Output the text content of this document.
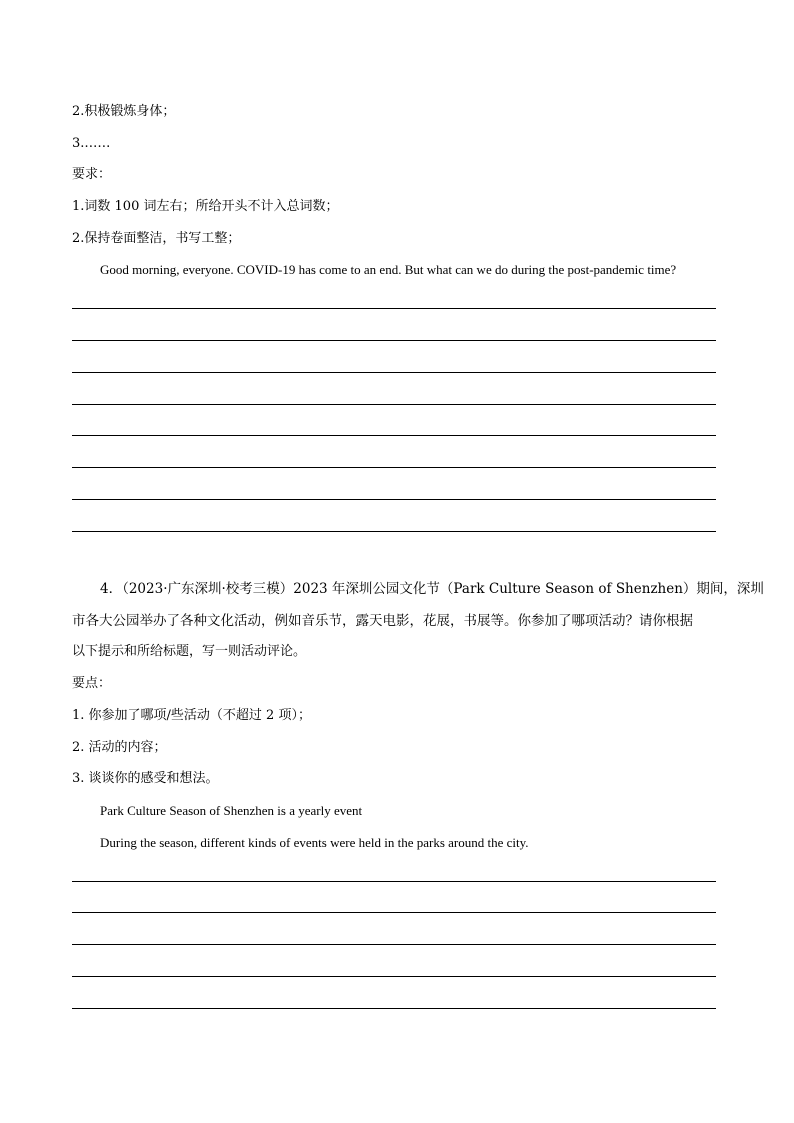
2.积极锻炼身体；
3.……
要求：
1.词数 100 词左右；所给开头不计入总词数；
2.保持卷面整洁，书写工整；
Good morning, everyone. COVID-19 has come to an end. But what can we do during the post-pandemic time?
4．（2023·广东深圳·校考三模）2023 年深圳公园文化节（Park Culture Season of Shenzhen）期间，深圳
市各大公园举办了各种文化活动，例如音乐节，露天电影，花展，书展等。你参加了哪项活动？请你根据
以下提示和所给标题，写一则活动评论。
要点：
1. 你参加了哪项/些活动（不超过 2 项）；
2. 活动的内容；
3. 谈谈你的感受和想法。
Park Culture Season of Shenzhen is a yearly event
During the season, different kinds of events were held in the parks around the city.
